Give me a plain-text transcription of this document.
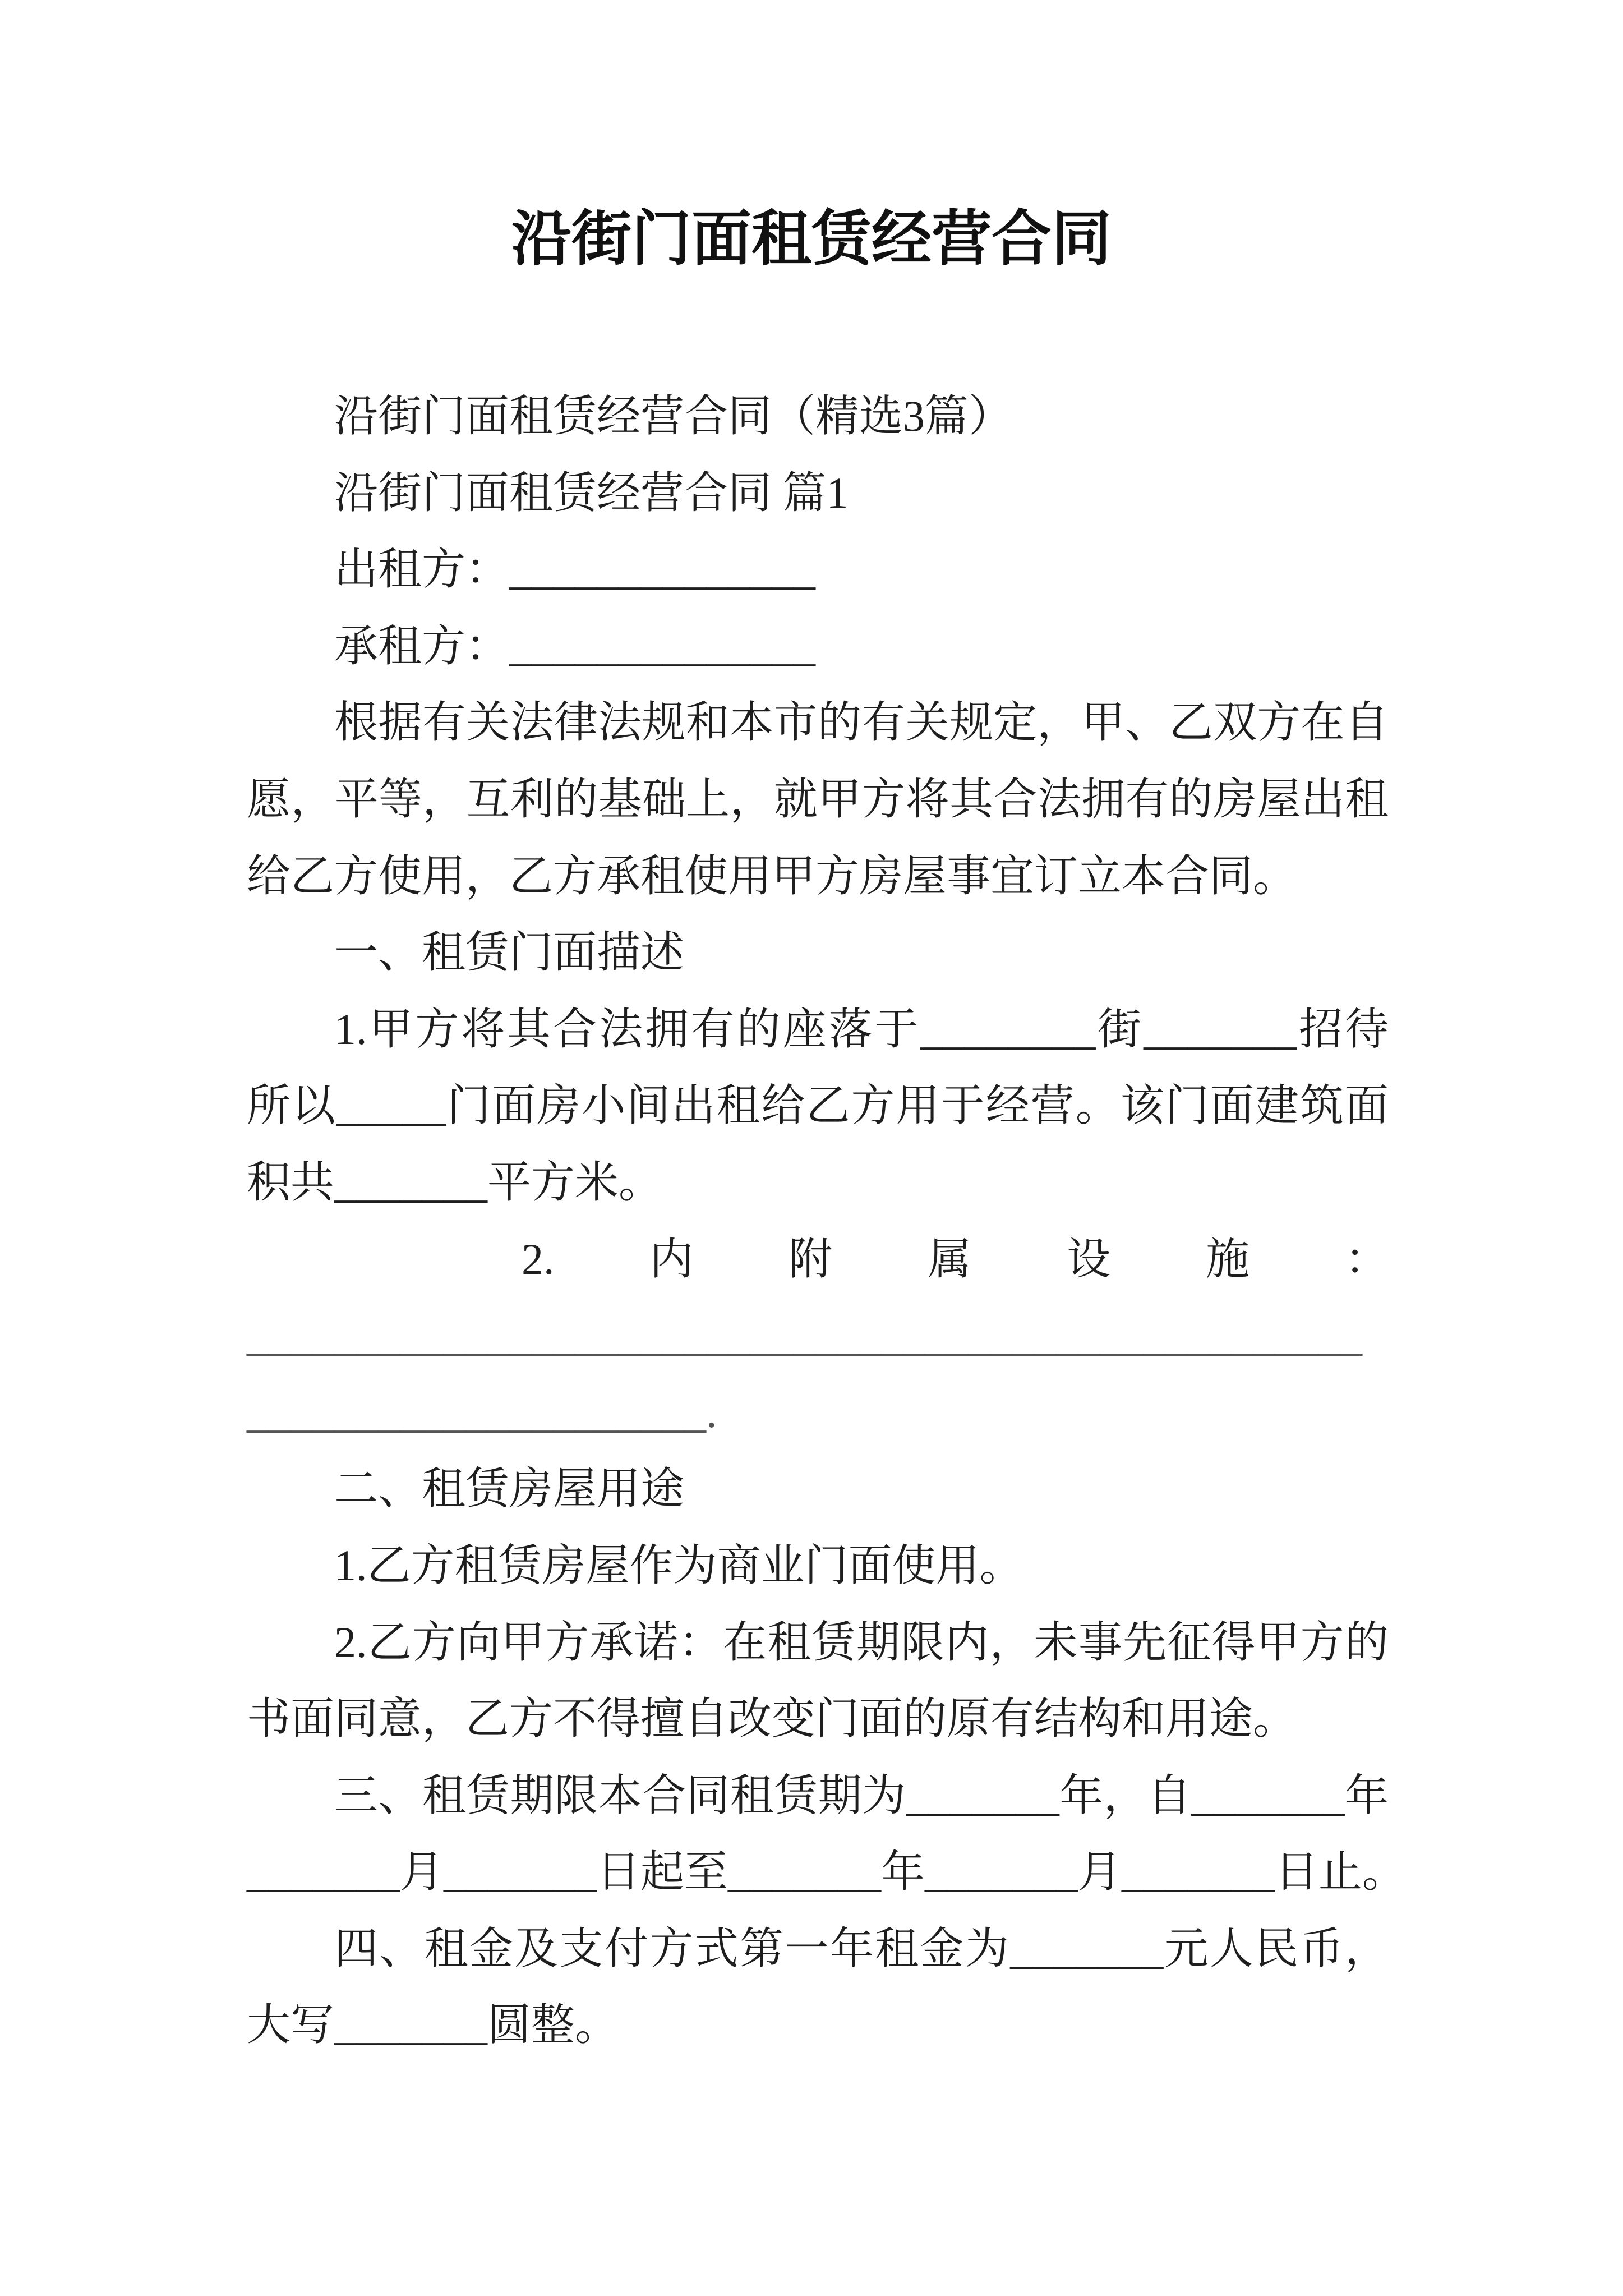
沿街门面租赁经营合同
沿街门面租赁经营合同（精选3篇）
沿街门面租赁经营合同 篇1
出租方：______________
承租方：______________
根据有关法律法规和本市的有关规定，甲、乙双方在自
愿，平等，互利的基础上，就甲方将其合法拥有的房屋出租
给乙方使用，乙方承租使用甲方房屋事宜订立本合同。
一、租赁门面描述
1.甲方将其合法拥有的座落于________街_______招待
所以_____门面房小间出租给乙方用于经营。该门面建筑面
积共_______平方米。
2.内附属设施：
___________________________________________________
_____________________.
二、租赁房屋用途
1.乙方租赁房屋作为商业门面使用。
2.乙方向甲方承诺：在租赁期限内，未事先征得甲方的
书面同意，乙方不得擅自改变门面的原有结构和用途。
三、租赁期限本合同租赁期为_______年，自_______年
_______月_______日起至_______年_______月_______日止。
四、租金及支付方式第一年租金为_______元人民币，
大写_______圆整。
